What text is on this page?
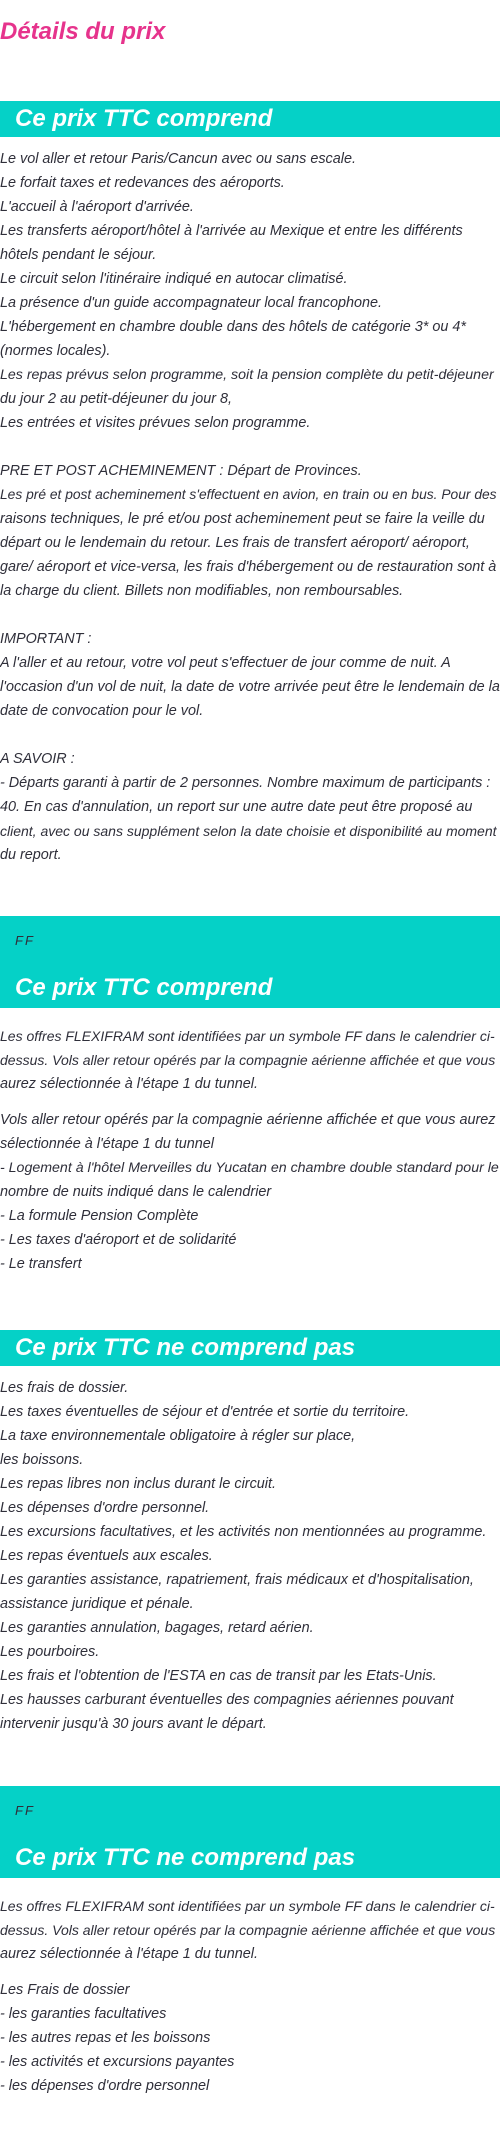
Détails du prix
Ce prix TTC comprend
Le vol aller et retour Paris/Cancun avec ou sans escale.
Le forfait taxes et redevances des aéroports.
L'accueil à l'aéroport d'arrivée.
Les transferts aéroport/hôtel à l'arrivée au Mexique et entre les différents
hôtels pendant le séjour.
Le circuit selon l'itinéraire indiqué en autocar climatisé.
La présence d'un guide accompagnateur local francophone.
L'hébergement en chambre double dans des hôtels de catégorie 3* ou 4*
(normes locales).
Les repas prévus selon programme, soit la pension complète du petit-déjeuner
du jour 2 au petit-déjeuner du jour 8,
Les entrées et visites prévues selon programme.
PRE ET POST ACHEMINEMENT : Départ de Provinces.
Les pré et post acheminement s'effectuent en avion, en train ou en bus. Pour des
raisons techniques, le pré et/ou post acheminement peut se faire la veille du
départ ou le lendemain du retour. Les frais de transfert aéroport/ aéroport,
gare/ aéroport et vice-versa, les frais d'hébergement ou de restauration sont à
la charge du client. Billets non modifiables, non remboursables.
IMPORTANT :
A l'aller et au retour, votre vol peut s'effectuer de jour comme de nuit. A
l'occasion d'un vol de nuit, la date de votre arrivée peut être le lendemain de la
date de convocation pour le vol.
A SAVOIR :
- Départs garanti à partir de 2 personnes. Nombre maximum de participants :
40. En cas d'annulation, un report sur une autre date peut être proposé au
client, avec ou sans supplément selon la date choisie et disponibilité au moment
du report.
FF
Ce prix TTC comprend
Les offres FLEXIFRAM sont identifiées par un symbole FF dans le calendrier ci-
dessus. Vols aller retour opérés par la compagnie aérienne affichée et que vous
aurez sélectionnée à l'étape 1 du tunnel.
Vols aller retour opérés par la compagnie aérienne affichée et que vous aurez
sélectionnée à l'étape 1 du tunnel
- Logement à l'hôtel Merveilles du Yucatan en chambre double standard pour le
nombre de nuits indiqué dans le calendrier
- La formule Pension Complète
- Les taxes d'aéroport et de solidarité
- Le transfert
Ce prix TTC ne comprend pas
Les frais de dossier.
Les taxes éventuelles de séjour et d'entrée et sortie du territoire.
La taxe environnementale obligatoire à régler sur place,
les boissons.
Les repas libres non inclus durant le circuit.
Les dépenses d'ordre personnel.
Les excursions facultatives, et les activités non mentionnées au programme.
Les repas éventuels aux escales.
Les garanties assistance, rapatriement, frais médicaux et d'hospitalisation,
assistance juridique et pénale.
Les garanties annulation, bagages, retard aérien.
Les pourboires.
Les frais et l'obtention de l'ESTA en cas de transit par les Etats-Unis.
Les hausses carburant éventuelles des compagnies aériennes pouvant
intervenir jusqu'à 30 jours avant le départ.
FF
Ce prix TTC ne comprend pas
Les offres FLEXIFRAM sont identifiées par un symbole FF dans le calendrier ci-
dessus. Vols aller retour opérés par la compagnie aérienne affichée et que vous
aurez sélectionnée à l'étape 1 du tunnel.
Les Frais de dossier
- les garanties facultatives
- les autres repas et les boissons
- les activités et excursions payantes
- les dépenses d'ordre personnel
